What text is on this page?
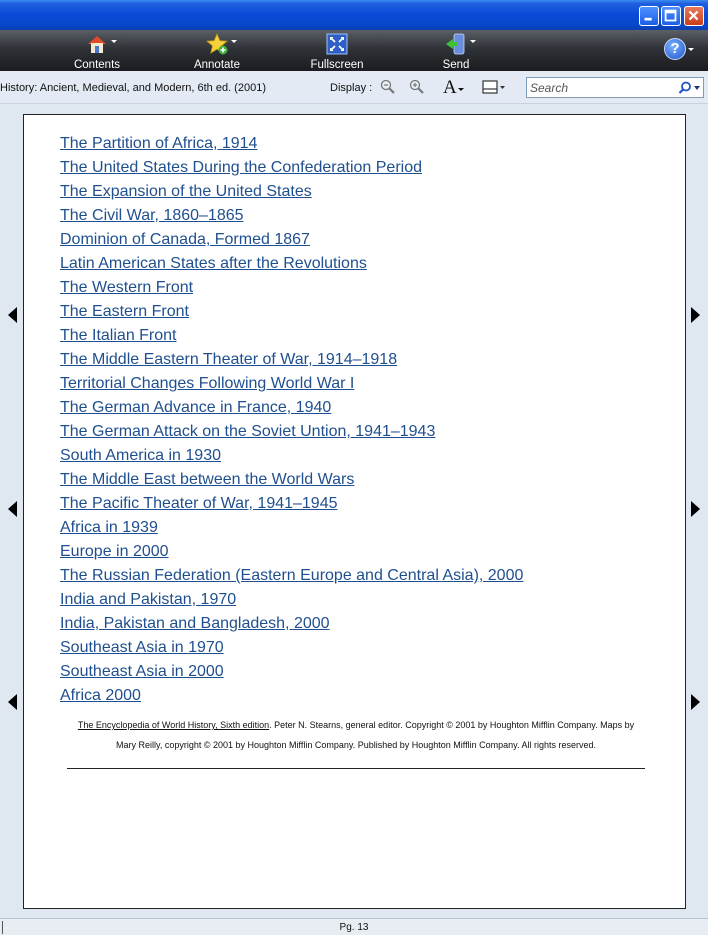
Contents	Annotate	Fullscreen	Send
?
History: Ancient, Medieval, and Modern, 6th ed. (2001)	Display :	A
Search
The Partition of Africa, 1914
The United States During the Confederation Period
The Expansion of the United States
The Civil War, 1860–1865
Dominion of Canada, Formed 1867
Latin American States after the Revolutions
The Western Front
The Eastern Front
The Italian Front
The Middle Eastern Theater of War, 1914–1918
Territorial Changes Following World War I
The German Advance in France, 1940
The German Attack on the Soviet Untion, 1941–1943
South America in 1930
The Middle East between the World Wars
The Pacific Theater of War, 1941–1945
Africa in 1939
Europe in 2000
The Russian Federation (Eastern Europe and Central Asia), 2000
India and Pakistan, 1970
India, Pakistan and Bangladesh, 2000
Southeast Asia in 1970
Southeast Asia in 2000
Africa 2000
The Encyclopedia of World History, Sixth edition. Peter N. Stearns, general editor. Copyright © 2001 by Houghton Mifflin Company. Maps by
Mary Reilly, copyright © 2001 by Houghton Mifflin Company. Published by Houghton Mifflin Company. All rights reserved.
Pg. 13
